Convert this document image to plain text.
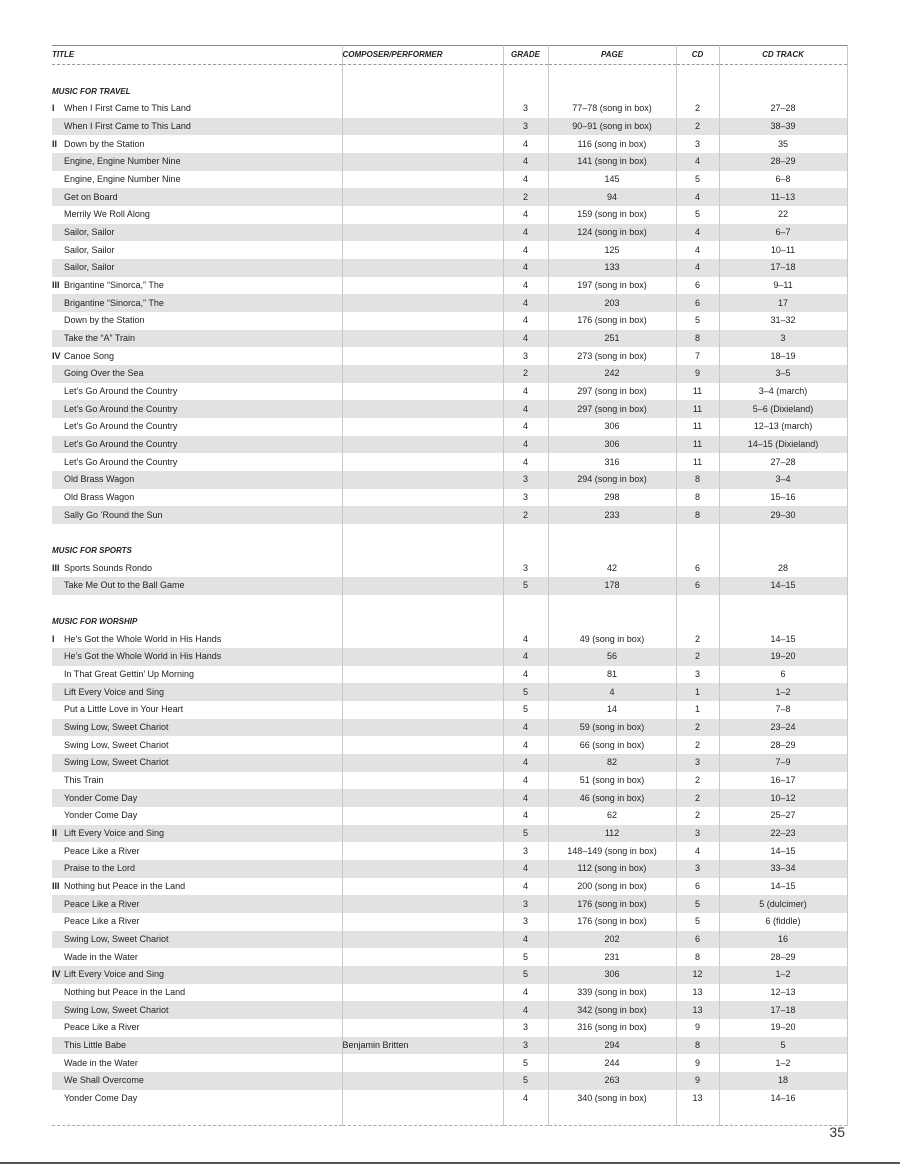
TITLE	COMPOSER/PERFORMER	GRADE	PAGE	CD	CD TRACK

MUSIC FOR TRAVEL					
I When I First Came to This Land		3	77–78 (song in box)	2	27–28
When I First Came to This Land		3	90–91 (song in box)	2	38–39
II Down by the Station		4	116 (song in box)	3	35
Engine, Engine Number Nine		4	141 (song in box)	4	28–29
Engine, Engine Number Nine		4	145	5	6–8
Get on Board		2	94	4	11–13
Merrily We Roll Along		4	159 (song in box)	5	22
Sailor, Sailor		4	124 (song in box)	4	6–7
Sailor, Sailor		4	125	4	10–11
Sailor, Sailor		4	133	4	17–18
III Brigantine “Sinorca,” The		4	197 (song in box)	6	9–11
Brigantine “Sinorca,” The		4	203	6	17
Down by the Station		4	176 (song in box)	5	31–32
Take the “A” Train		4	251	8	3
IV Canoe Song		3	273 (song in box)	7	18–19
Going Over the Sea		2	242	9	3–5
Let’s Go Around the Country		4	297 (song in box)	11	3–4 (march)
Let’s Go Around the Country		4	297 (song in box)	11	5–6 (Dixieland)
Let’s Go Around the Country		4	306	11	12–13 (march)
Let’s Go Around the Country		4	306	11	14–15 (Dixieland)
Let’s Go Around the Country		4	316	11	27–28
Old Brass Wagon		3	294 (song in box)	8	3–4
Old Brass Wagon		3	298	8	15–16
Sally Go ’Round the Sun		2	233	8	29–30

MUSIC FOR SPORTS					
III Sports Sounds Rondo		3	42	6	28
Take Me Out to the Ball Game		5	178	6	14–15

MUSIC FOR WORSHIP					
I He’s Got the Whole World in His Hands		4	49 (song in box)	2	14–15
He’s Got the Whole World in His Hands		4	56	2	19–20
In That Great Gettin’ Up Morning		4	81	3	6
Lift Every Voice and Sing		5	4	1	1–2
Put a Little Love in Your Heart		5	14	1	7–8
Swing Low, Sweet Chariot		4	59 (song in box)	2	23–24
Swing Low, Sweet Chariot		4	66 (song in box)	2	28–29
Swing Low, Sweet Chariot		4	82	3	7–9
This Train		4	51 (song in box)	2	16–17
Yonder Come Day		4	46 (song in box)	2	10–12
Yonder Come Day		4	62	2	25–27
II Lift Every Voice and Sing		5	112	3	22–23
Peace Like a River		3	148–149 (song in box)	4	14–15
Praise to the Lord		4	112 (song in box)	3	33–34
III Nothing but Peace in the Land		4	200 (song in box)	6	14–15
Peace Like a River		3	176 (song in box)	5	5 (dulcimer)
Peace Like a River		3	176 (song in box)	5	6 (fiddle)
Swing Low, Sweet Chariot		4	202	6	16
Wade in the Water		5	231	8	28–29
IV Lift Every Voice and Sing		5	306	12	1–2
Nothing but Peace in the Land		4	339 (song in box)	13	12–13
Swing Low, Sweet Chariot		4	342 (song in box)	13	17–18
Peace Like a River		3	316 (song in box)	9	19–20
This Little Babe	Benjamin Britten	3	294	8	5
Wade in the Water		5	244	9	1–2
We Shall Overcome		5	263	9	18
Yonder Come Day		4	340 (song in box)	13	14–16

35
